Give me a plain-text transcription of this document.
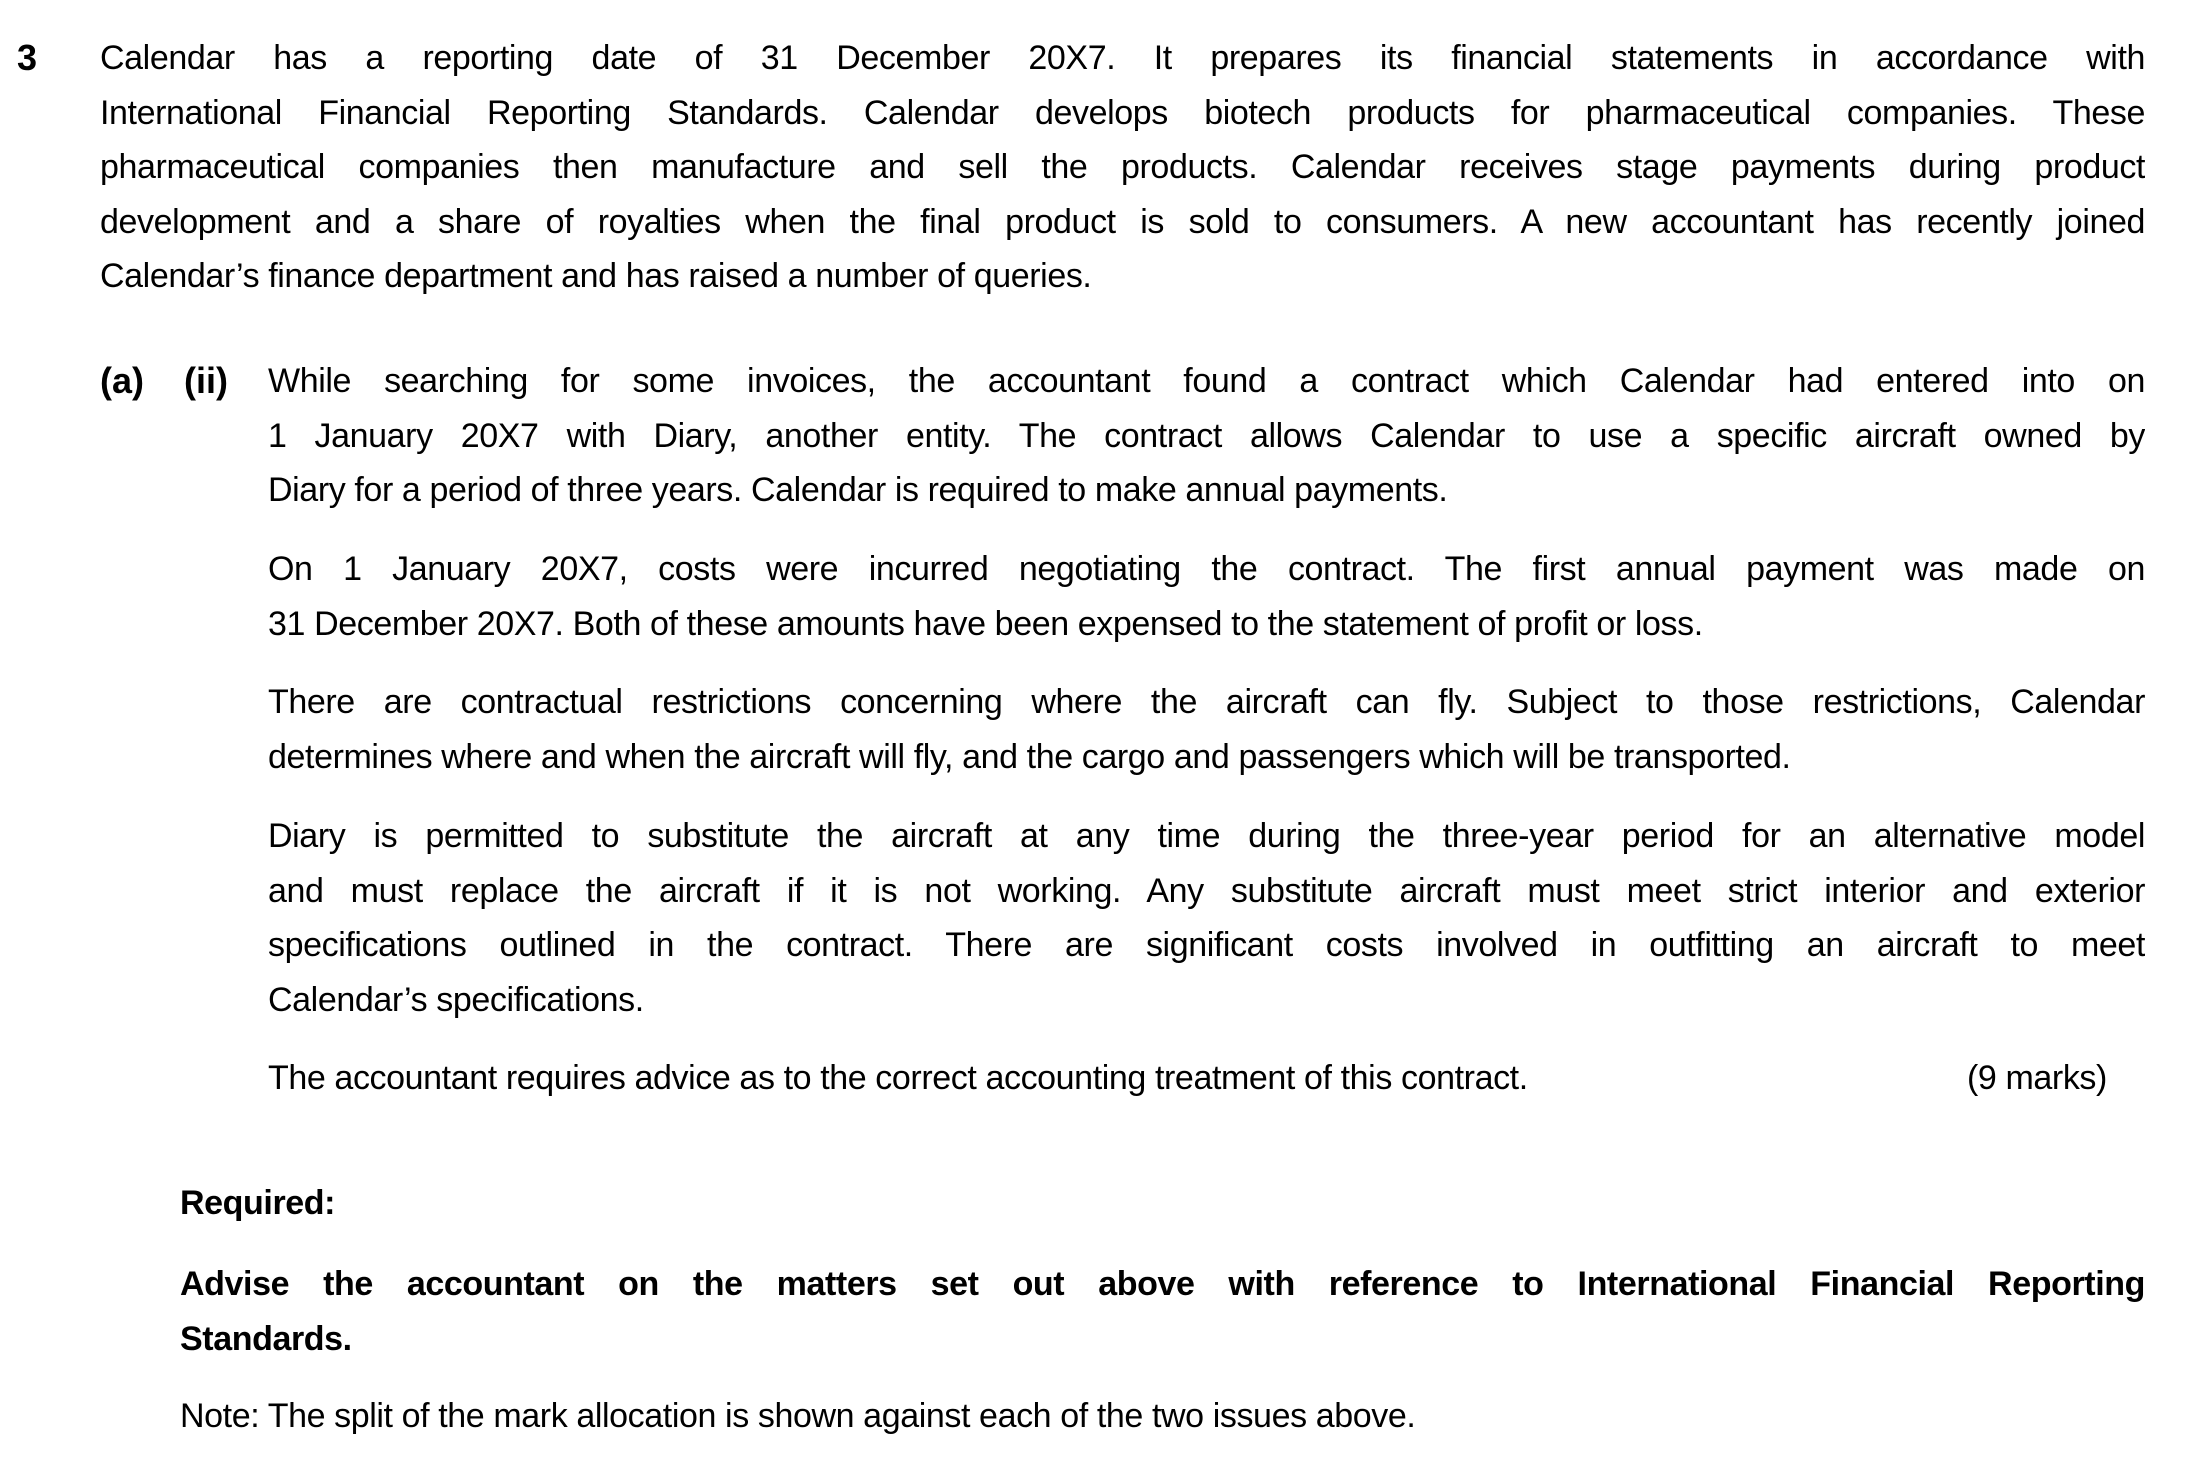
3 Calendar has a reporting date of 31 December 20X7. It prepares its financial statements in accordance with
International Financial Reporting Standards. Calendar develops biotech products for pharmaceutical companies. These
pharmaceutical companies then manufacture and sell the products. Calendar receives stage payments during product
development and a share of royalties when the final product is sold to consumers. A new accountant has recently joined
Calendar’s finance department and has raised a number of queries.
(a) (ii) While searching for some invoices, the accountant found a contract which Calendar had entered into on
1 January 20X7 with Diary, another entity. The contract allows Calendar to use a specific aircraft owned by
Diary for a period of three years. Calendar is required to make annual payments.
On 1 January 20X7, costs were incurred negotiating the contract. The first annual payment was made on
31 December 20X7. Both of these amounts have been expensed to the statement of profit or loss.
There are contractual restrictions concerning where the aircraft can fly. Subject to those restrictions, Calendar
determines where and when the aircraft will fly, and the cargo and passengers which will be transported.
Diary is permitted to substitute the aircraft at any time during the three-year period for an alternative model
and must replace the aircraft if it is not working. Any substitute aircraft must meet strict interior and exterior
specifications outlined in the contract. There are significant costs involved in outfitting an aircraft to meet
Calendar’s specifications.
The accountant requires advice as to the correct accounting treatment of this contract.	(9 marks)
Required:
Advise the accountant on the matters set out above with reference to International Financial Reporting
Standards.
Note: The split of the mark allocation is shown against each of the two issues above.
